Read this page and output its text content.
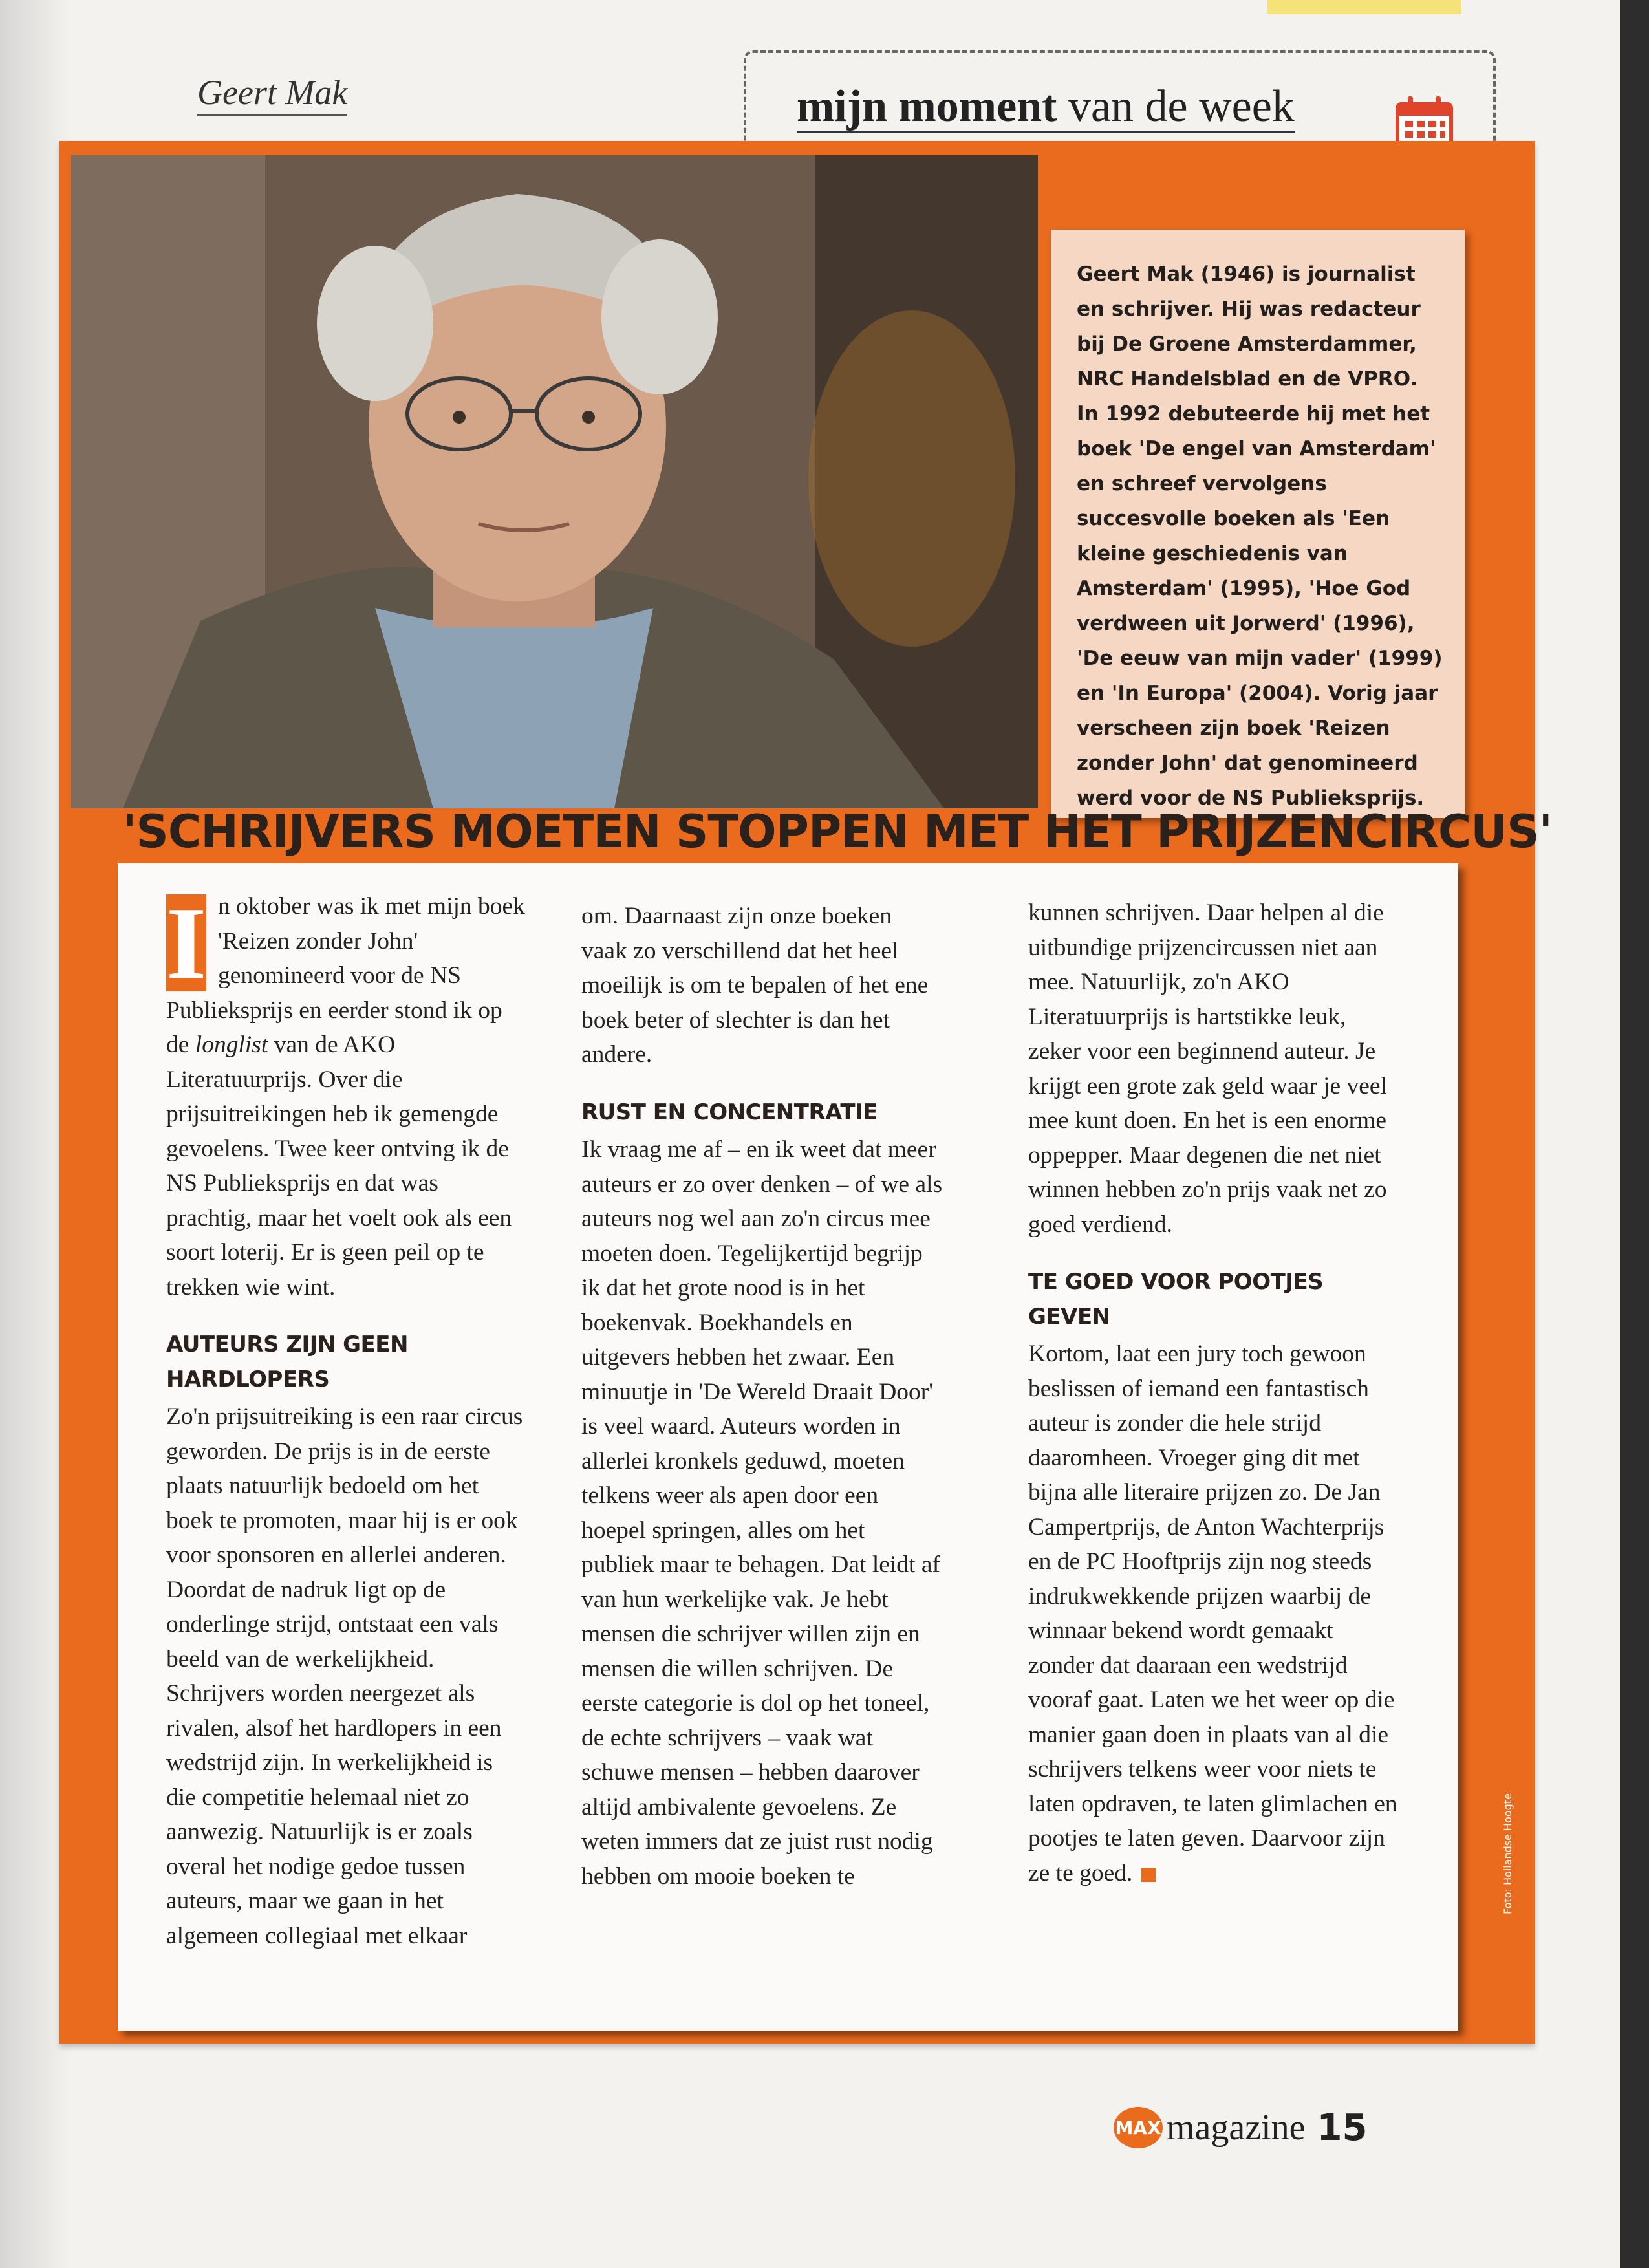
Geert Mak	mijn moment van de week
Geert Mak (1946) is journalist en schrijver. Hij was redacteur bij De Groene Amsterdammer, NRC Handelsblad en de VPRO. In 1992 debuteerde hij met het boek 'De engel van Amsterdam' en schreef vervolgens succesvolle boeken als 'Een kleine geschiedenis van Amsterdam' (1995), 'Hoe God verdween uit Jorwerd' (1996), 'De eeuw van mijn vader' (1999) en 'In Europa' (2004). Vorig jaar verscheen zijn boek 'Reizen zonder John' dat genomineerd werd voor de NS Publieksprijs.
'SCHRIJVERS MOETEN STOPPEN MET HET PRIJZENCIRCUS'

I n oktober was ik met mijn boek 'Reizen zonder John' genomineerd voor de NS Publieksprijs en eerder stond ik op de longlist van de AKO Literatuurprijs. Over die prijsuitreikingen heb ik gemengde gevoelens. Twee keer ontving ik de NS Publieksprijs en dat was prachtig, maar het voelt ook als een soort loterij. Er is geen peil op te trekken wie wint.

AUTEURS ZIJN GEEN HARDLOPERS

Zo'n prijsuitreiking is een raar circus geworden. De prijs is in de eerste plaats natuurlijk bedoeld om het boek te promoten, maar hij is er ook voor sponsoren en allerlei anderen. Doordat de nadruk ligt op de onderlinge strijd, ontstaat een vals beeld van de werkelijkheid. Schrijvers worden neergezet als rivalen, alsof het hardlopers in een wedstrijd zijn. In werkelijkheid is die competitie helemaal niet zo aanwezig. Natuurlijk is er zoals overal het nodige gedoe tussen auteurs, maar we gaan in het algemeen collegiaal met elkaar

om. Daarnaast zijn onze boeken vaak zo verschillend dat het heel moeilijk is om te bepalen of het ene boek beter of slechter is dan het andere.

RUST EN CONCENTRATIE

Ik vraag me af – en ik weet dat meer auteurs er zo over denken – of we als auteurs nog wel aan zo'n circus mee moeten doen. Tegelijkertijd begrijp ik dat het grote nood is in het boekenvak. Boekhandels en uitgevers hebben het zwaar. Een minuutje in 'De Wereld Draait Door' is veel waard. Auteurs worden in allerlei kronkels geduwd, moeten telkens weer als apen door een hoepel springen, alles om het publiek maar te behagen. Dat leidt af van hun werkelijke vak. Je hebt mensen die schrijver willen zijn en mensen die willen schrijven. De eerste categorie is dol op het toneel, de echte schrijvers – vaak wat schuwe mensen – hebben daarover altijd ambivalente gevoelens. Ze weten immers dat ze juist rust nodig hebben om mooie boeken te

kunnen schrijven. Daar helpen al die uitbundige prijzencircussen niet aan mee. Natuurlijk, zo'n AKO Literatuurprijs is hartstikke leuk, zeker voor een beginnend auteur. Je krijgt een grote zak geld waar je veel mee kunt doen. En het is een enorme oppepper. Maar degenen die net niet winnen hebben zo'n prijs vaak net zo goed verdiend.

TE GOED VOOR POOTJES GEVEN

Kortom, laat een jury toch gewoon beslissen of iemand een fantastisch auteur is zonder die hele strijd daaromheen. Vroeger ging dit met bijna alle literaire prijzen zo. De Jan Campertprijs, de Anton Wachterprijs en de PC Hooftprijs zijn nog steeds indrukwekkende prijzen waarbij de winnaar bekend wordt gemaakt zonder dat daaraan een wedstrijd vooraf gaat. Laten we het weer op die manier gaan doen in plaats van al die schrijvers telkens weer voor niets te laten opdraven, te laten glimlachen en pootjes te laten geven. Daarvoor zijn ze te goed.	Foto: Hollandse Hoogte
MAX magazine 15
